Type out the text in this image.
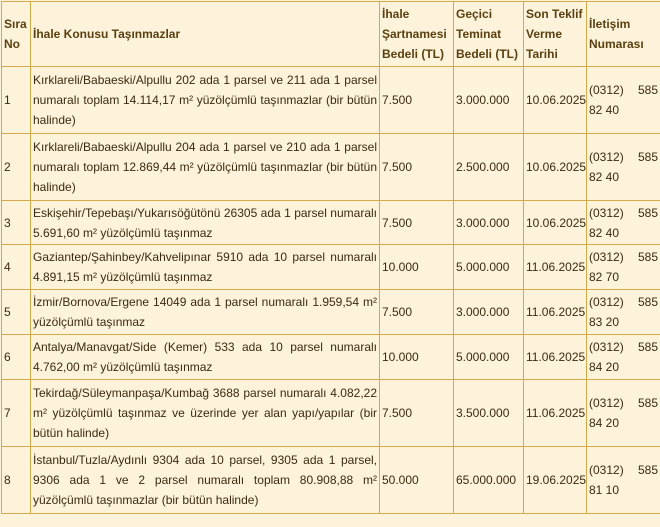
Sıra No	İhale Konusu Taşınmazlar	İhale Şartnamesi Bedeli (TL)	Geçici Teminat Bedeli (TL)	Son Teklif Verme Tarihi	İletişim Numarası
1	Kırklareli/Babaeski/Alpullu 202 ada 1 parsel ve 211 ada 1 parsel numaralı toplam 14.114,17 m² yüzölçümlü taşınmazlar (bir bütün halinde)	7.500	3.000.000	10.06.2025	(0312) 585 82 40
2	Kırklareli/Babaeski/Alpullu 204 ada 1 parsel ve 210 ada 1 parsel numaralı toplam 12.869,44 m² yüzölçümlü taşınmazlar (bir bütün halinde)	7.500	2.500.000	10.06.2025	(0312) 585 82 40
3	Eskişehir/Tepebaşı/Yukarısöğütönü 26305 ada 1 parsel numaralı 5.691,60 m² yüzölçümlü taşınmaz	7.500	3.000.000	10.06.2025	(0312) 585 82 40
4	Gaziantep/Şahinbey/Kahvelipınar 5910 ada 10 parsel numaralı 4.891,15 m² yüzölçümlü taşınmaz	10.000	5.000.000	11.06.2025	(0312) 585 82 70
5	İzmir/Bornova/Ergene 14049 ada 1 parsel numaralı 1.959,54 m² yüzölçümlü taşınmaz	7.500	3.000.000	11.06.2025	(0312) 585 83 20
6	Antalya/Manavgat/Side (Kemer) 533 ada 10 parsel numaralı 4.762,00 m² yüzölçümlü taşınmaz	10.000	5.000.000	11.06.2025	(0312) 585 84 20
7	Tekirdağ/Süleymanpaşa/Kumbağ 3688 parsel numaralı 4.082,22 m² yüzölçümlü taşınmaz ve üzerinde yer alan yapı/yapılar (bir bütün halinde)	7.500	3.500.000	11.06.2025	(0312) 585 84 20
8	İstanbul/Tuzla/Aydınlı 9304 ada 10 parsel, 9305 ada 1 parsel, 9306 ada 1 ve 2 parsel numaralı toplam 80.908,88 m² yüzölçümlü taşınmazlar (bir bütün halinde)	50.000	65.000.000	19.06.2025	(0312) 585 81 10
